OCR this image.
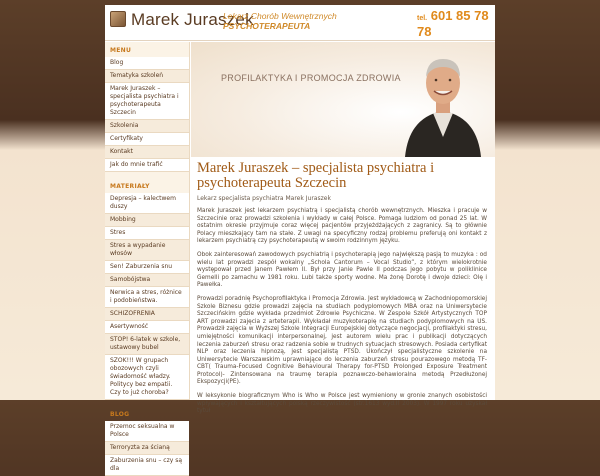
Marek Juraszek
Lekarz Chorób Wewnętrznych
PSYCHOTERAPEUTA
tel. 601 85 78 78
MENU
Blog
Tematyka szkoleń
Marek Juraszek – specjalista psychiatra i psychoterapeuta Szczecin
Szkolenia
Certyfikaty
Kontakt
Jak do mnie trafić
MATERIAŁY
Depresja – kalectwem duszy
Mobbing
Stres
Stres a wypadanie włosów
Sen! Zaburzenia snu
Samobójstwa
Nerwica a stres, różnice i podobieństwa.
SCHIZOFRENIA
Asertywność
STOP! 6-latek w szkole, ustawowy bubel
SZOK!!! W grupach obozowych czyli świadomość władzy. Politycy bez empatii. Czy to już choroba?
BLOG
Przemoc seksualna w Polsce
Terroryzta za ścianą
Zaburzenia snu – czy są dla
PROFILAKTYKA I PROMOCJA ZDROWIA
Marek Juraszek – specjalista psychiatra i psychoterapeuta Szczecin
Lekarz specjalista psychiatra Marek Juraszek

Marek Juraszek jest lekarzem psychiatrą i specjalistą chorób wewnętrznych. Mieszka i pracuje w Szczecinie oraz prowadzi szkolenia i wykłady w całej Polsce. Pomaga ludziom od ponad 25 lat. W ostatnim okresie przyjmuje coraz więcej pacjentów przyjeżdżających z zagranicy. Są to głównie Polacy mieszkający tam na stałe. Z uwagi na specyficzny rodzaj problemu preferują oni kontakt z lekarzem psychiatrą czy psychoterapeutą w swoim rodzinnym języku.

Obok zainteresowań zawodowych psychiatrią i psychoterapią jego największą pasją to muzyka : od wielu lat prowadzi zespół wokalny „Schola Cantorum – Vocal Studio”, z którym wielokrotnie występował przed Janem Pawłem II. Był przy Janie Pawle II podczas jego pobytu w poliklinice Gemelli po zamachu w 1981 roku. Lubi także sporty wodne. Ma żonę Dorotę i dwoje dzieci: Olę i Pawełka.

Prowadzi poradnię Psychoprofilaktyka i Promocja Zdrowia. Jest wykładowcą w Zachodniopomorskiej Szkole Biznesu gdzie prowadzi zajęcia na studiach podyplomowych MBA oraz na Uniwersytecie Szczecińskim gdzie wykłada przedmiot Zdrowie Psychiczne. W Zespole Szkół Artystycznych TOP ART prowadzi zajęcia z arteterapii. Wykładał muzykoterapię na studiach podyplomowych na US. Prowadził zajęcia w Wyższej Szkole Integracji Europejskiej dotyczące negocjacji, profilaktyki stresu, umiejętności komunikacji interpersonalnej, jest autorem wielu prac i publikacji dotyczących leczenia zaburzeń stresu oraz radzenia sobie w trudnych sytuacjach stresowych. Posiada certyfikat NLP oraz leczenia hipnozą, jest specjalistą PTSD. Ukończył specjalistyczne szkolenie na Uniwersytecie Warszawskim uprawniające do leczenia zaburzeń stresu pourazowego metodą TF-CBT( Trauma-Focused Cognitive Behavioural Therapy for-PTSD Prolonged Exposure Treatment Protocol)- Zintensowana na traumę terapia poznawczo-behawioralna metodą Przedłużonej Ekspozycji(PE).

W leksykonie biograficznym Who is Who w Polsce jest wymieniony w gronie znanych osobistości wpływających i kształtujących polską rzeczywistość (str.1613 wyd.II 2003). W 1997 roku uzyskał tytuł
